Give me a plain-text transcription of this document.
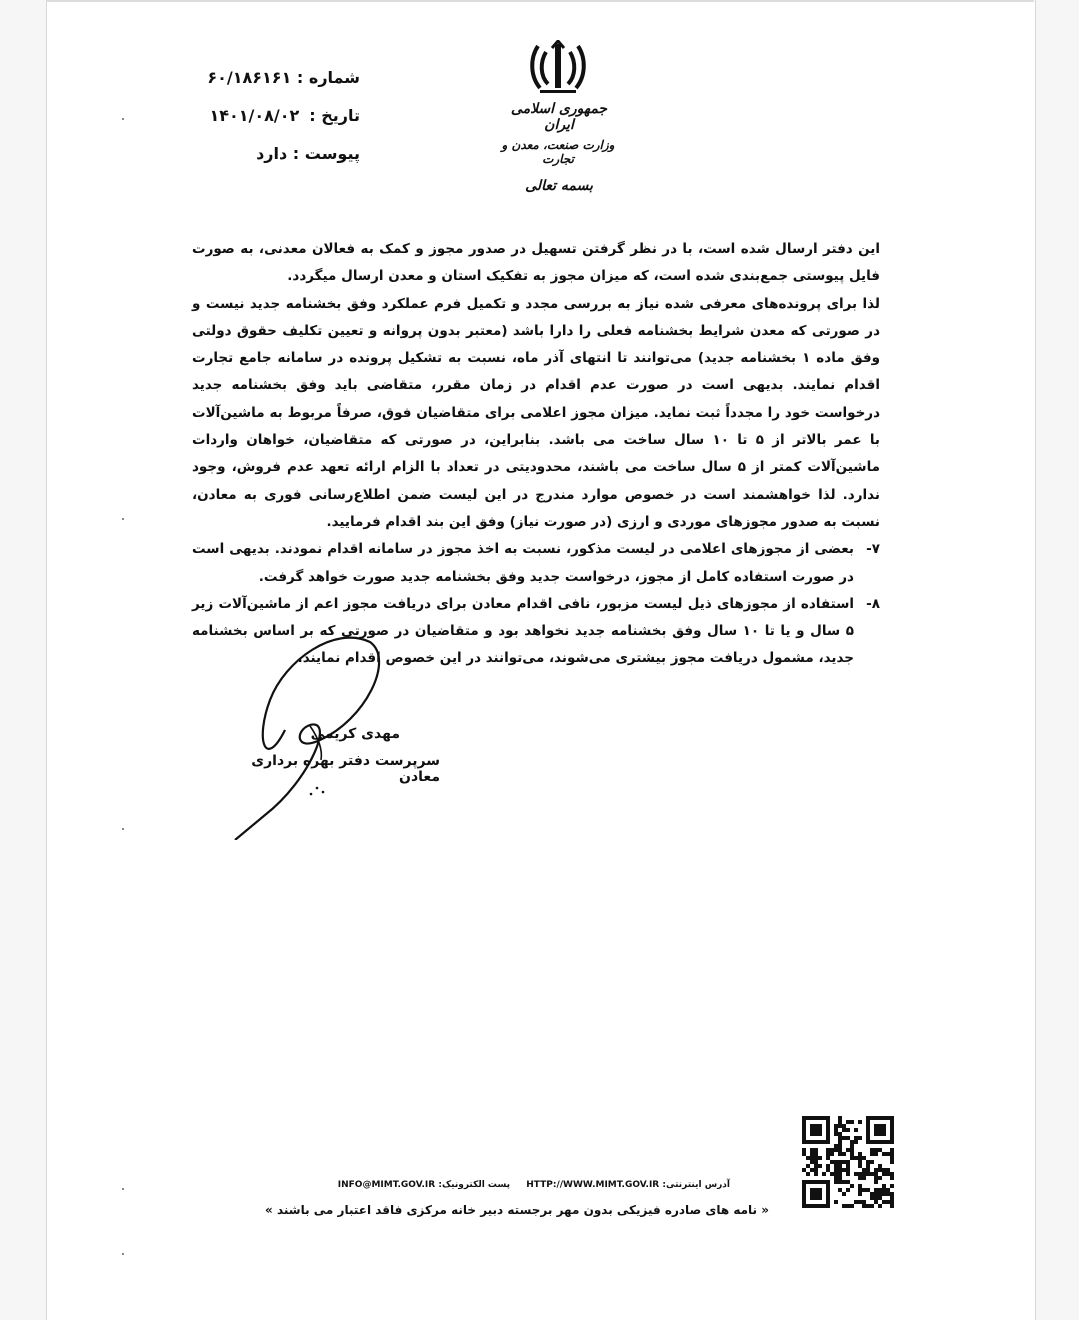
شماره : ۶۰/۱۸۶۱۶۱
تاریخ :
۱۴۰۱/۰۸/۰۲
پیوست : دارد
جمهوری اسلامی ایران
وزارت صنعت، معدن و تجارت
بسمه تعالی
این دفتر ارسال شده است، با در نظر گرفتن تسهیل در صدور مجوز و کمک به فعالان معدنی، به صورت فایل پیوستی جمع‌بندی شده است، که میزان مجوز به تفکیک استان و معدن ارسال میگردد.
لذا برای پرونده‌های معرفی شده نیاز به بررسی مجدد و تکمیل فرم عملکرد وفق بخشنامه جدید نیست و در صورتی که معدن شرایط بخشنامه فعلی را دارا باشد (معتبر بدون پروانه و تعیین تکلیف حقوق دولتی وفق ماده ۱ بخشنامه جدید) می‌توانند تا انتهای آذر ماه، نسبت به تشکیل پرونده در سامانه جامع تجارت اقدام نمایند. بدیهی است در صورت عدم اقدام در زمان مقرر، متقاضی باید وفق بخشنامه جدید درخواست خود را مجدداً ثبت نماید. میزان مجوز اعلامی برای متقاضیان فوق، صرفاً مربوط به ماشین‌آلات با عمر بالاتر از ۵ تا ۱۰ سال ساخت می باشد. بنابراین، در صورتی که متقاضیان، خواهان واردات ماشین‌آلات کمتر از ۵ سال ساخت می باشند، محدودیتی در تعداد با الزام ارائه تعهد عدم فروش، وجود ندارد. لذا خواهشمند است در خصوص موارد مندرج در این لیست ضمن اطلاع‌رسانی فوری به معادن، نسبت به صدور مجوزهای موردی و ارزی (در صورت نیاز) وفق این بند اقدام فرمایید.
۷-
بعضی از مجوزهای اعلامی در لیست مذکور، نسبت به اخذ مجوز در سامانه اقدام نمودند. بدیهی است در صورت استفاده کامل از مجوز، درخواست جدید وفق بخشنامه جدید صورت خواهد گرفت.
۸-
استفاده از مجوزهای ذیل لیست مزبور، نافی اقدام معادن برای دریافت مجوز اعم از ماشین‌آلات زیر ۵ سال و یا تا ۱۰ سال وفق بخشنامه جدید نخواهد بود و متقاضیان در صورتی که بر اساس بخشنامه جدید، مشمول دریافت مجوز بیشتری می‌شوند، می‌توانند در این خصوص اقدام نمایند.
مهدی کریمی
سرپرست دفتر بهره برداری معادن
آدرس اینترنتی: HTTP://WWW.MIMT.GOV.IR
پست الکترونیک: INFO@MIMT.GOV.IR
« نامه های صادره فیزیکی بدون مهر برجسته دبیر خانه مرکزی فاقد اعتبار می باشند »
